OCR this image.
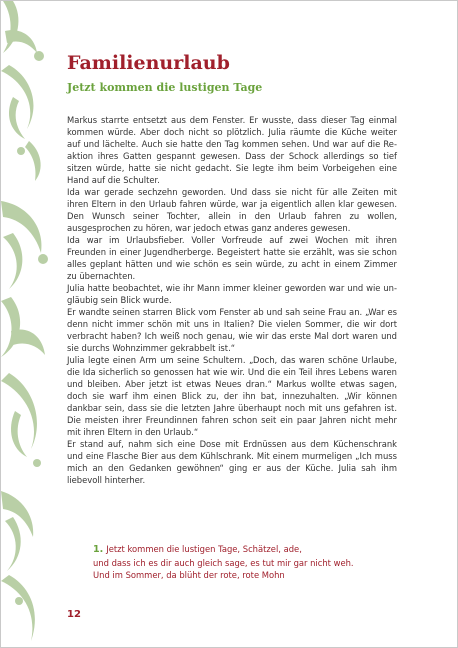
Familienurlaub
Jetzt kommen die lustigen Tage

Markus starrte entsetzt aus dem Fenster. Er wusste, dass dieser Tag einmal kommen würde. Aber doch nicht so plötzlich. Julia räumte die Küche weiter auf und lächelte. Auch sie hatte den Tag kommen sehen. Und war auf die Reaktion ihres Gatten gespannt gewesen. Dass der Schock allerdings so tief sitzen würde, hatte sie nicht gedacht. Sie legte ihm beim Vorbeigehen eine Hand auf die Schulter.

Ida war gerade sechzehn geworden. Und dass sie nicht für alle Zeiten mit ihren Eltern in den Urlaub fahren würde, war ja eigentlich allen klar gewesen. Den Wunsch seiner Tochter, allein in den Urlaub fahren zu wollen, ausgesprochen zu hören, war jedoch etwas ganz anderes gewesen.

Ida war im Urlaubsfieber. Voller Vorfreude auf zwei Wochen mit ihren Freunden in einer Jugendherberge. Begeistert hatte sie erzählt, was sie schon alles geplant hätten und wie schön es sein würde, zu acht in einem Zimmer zu übernachten.

Julia hatte beobachtet, wie ihr Mann immer kleiner geworden war und wie ungläubig sein Blick wurde.

Er wandte seinen starren Blick vom Fenster ab und sah seine Frau an. „War es denn nicht immer schön mit uns in Italien? Die vielen Sommer, die wir dort verbracht haben? Ich weiß noch genau, wie wir das erste Mal dort waren und sie durchs Wohnzimmer gekrabbelt ist.“

Julia legte einen Arm um seine Schultern. „Doch, das waren schöne Urlaube, die Ida sicherlich so genossen hat wie wir. Und die ein Teil ihres Lebens waren und bleiben. Aber jetzt ist etwas Neues dran.“ Markus wollte etwas sagen, doch sie warf ihm einen Blick zu, der ihn bat, innezuhalten. „Wir können dankbar sein, dass sie die letzten Jahre überhaupt noch mit uns gefahren ist. Die meisten ihrer Freundinnen fahren schon seit ein paar Jahren nicht mehr mit ihren Eltern in den Urlaub.“

Er stand auf, nahm sich eine Dose mit Erdnüssen aus dem Küchenschrank und eine Flasche Bier aus dem Kühlschrank. Mit einem murmeligen „Ich muss mich an den Gedanken gewöhnen“ ging er aus der Küche. Julia sah ihm liebevoll hinterher.

1. Jetzt kommen die lustigen Tage, Schätzel, ade,
und dass ich es dir auch gleich sage, es tut mir gar nicht weh.
Und im Sommer, da blüht der rote, rote Mohn
12
